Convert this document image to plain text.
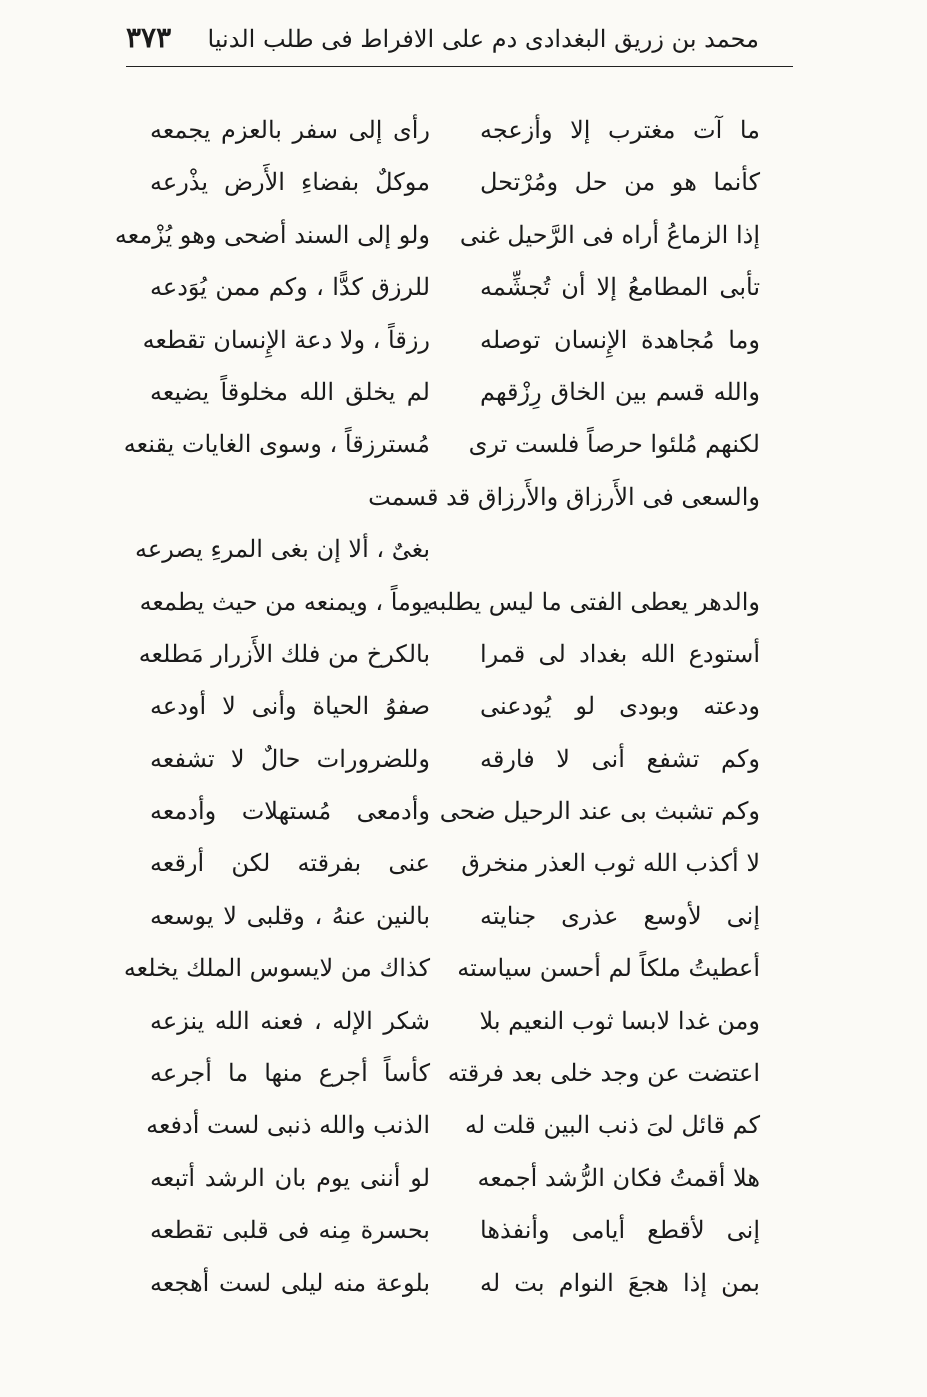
محمد بن زريق البغدادى دم على الافراط فى طلب الدنيا
٣٧٣
ما آت مغترب إلا وأزعجه
رأى إلى سفر بالعزم يجمعه
كأنما هو من حل ومُرْتحل
موكلٌ بفضاءِ الأَرض يذْرعه
إذا الزماعُ أراه فى الرَّحيل غنى
ولو إلى السند أضحى وهو يُزْمعه
تأبى المطامعُ إلا أن تُجشِّمه
للرزق كدًّا ، وكم ممن يُوَدعه
وما مُجاهدة الإِنسان توصله
رزقاً ، ولا دعة الإِنسان تقطعه
والله قسم بين الخاق رِزْقهم
لم يخلق الله مخلوقاً يضيعه
لكنهم مُلئوا حرصاً فلست ترى
مُسترزقاً ، وسوى الغايات يقنعه
والسعى فى الأَرزاق والأَرزاق قد قسمت
بغىٌ ، ألا إن بغى المرءِ يصرعه
والدهر يعطى الفتى ما ليس يطلبه
يوماً ، ويمنعه من حيث يطمعه
أستودع الله بغداد لى قمرا
بالكرخ من فلك الأَزرار مَطلعه
ودعته وبودى لو يُودعنى
صفوُ الحياة وأنى لا أودعه
وكم تشفع أنى لا فارقه
وللضرورات حالٌ لا تشفعه
وكم تشبث بى عند الرحيل ضحى
وأدمعى مُستهلات وأدمعه
لا أكذب الله ثوب العذر منخرق
عنى بفرقته لكن أرقعه
إنى لأوسع عذرى جنايته
بالنين عنهُ ، وقلبى لا يوسعه
أعطيتُ ملكاً لم أحسن سياسته
كذاك من لايسوس الملك يخلعه
ومن غدا لابسا ثوب النعيم بلا
شكر الإله ، فعنه الله ينزعه
اعتضت عن وجد خلى بعد فرقته
كأساً أجرع منها ما أجرعه
كم قائل لىَ ذنب البين قلت له
الذنب والله ذنبى لست أدفعه
هلا أقمتُ فكان الرُّشد أجمعه
لو أننى يوم بان الرشد أتبعه
إنى لأقطع أيامى وأنفذها
بحسرة مِنه فى قلبى تقطعه
بمن إذا هجعَ النوام بت له
بلوعة منه ليلى لست أهجعه
